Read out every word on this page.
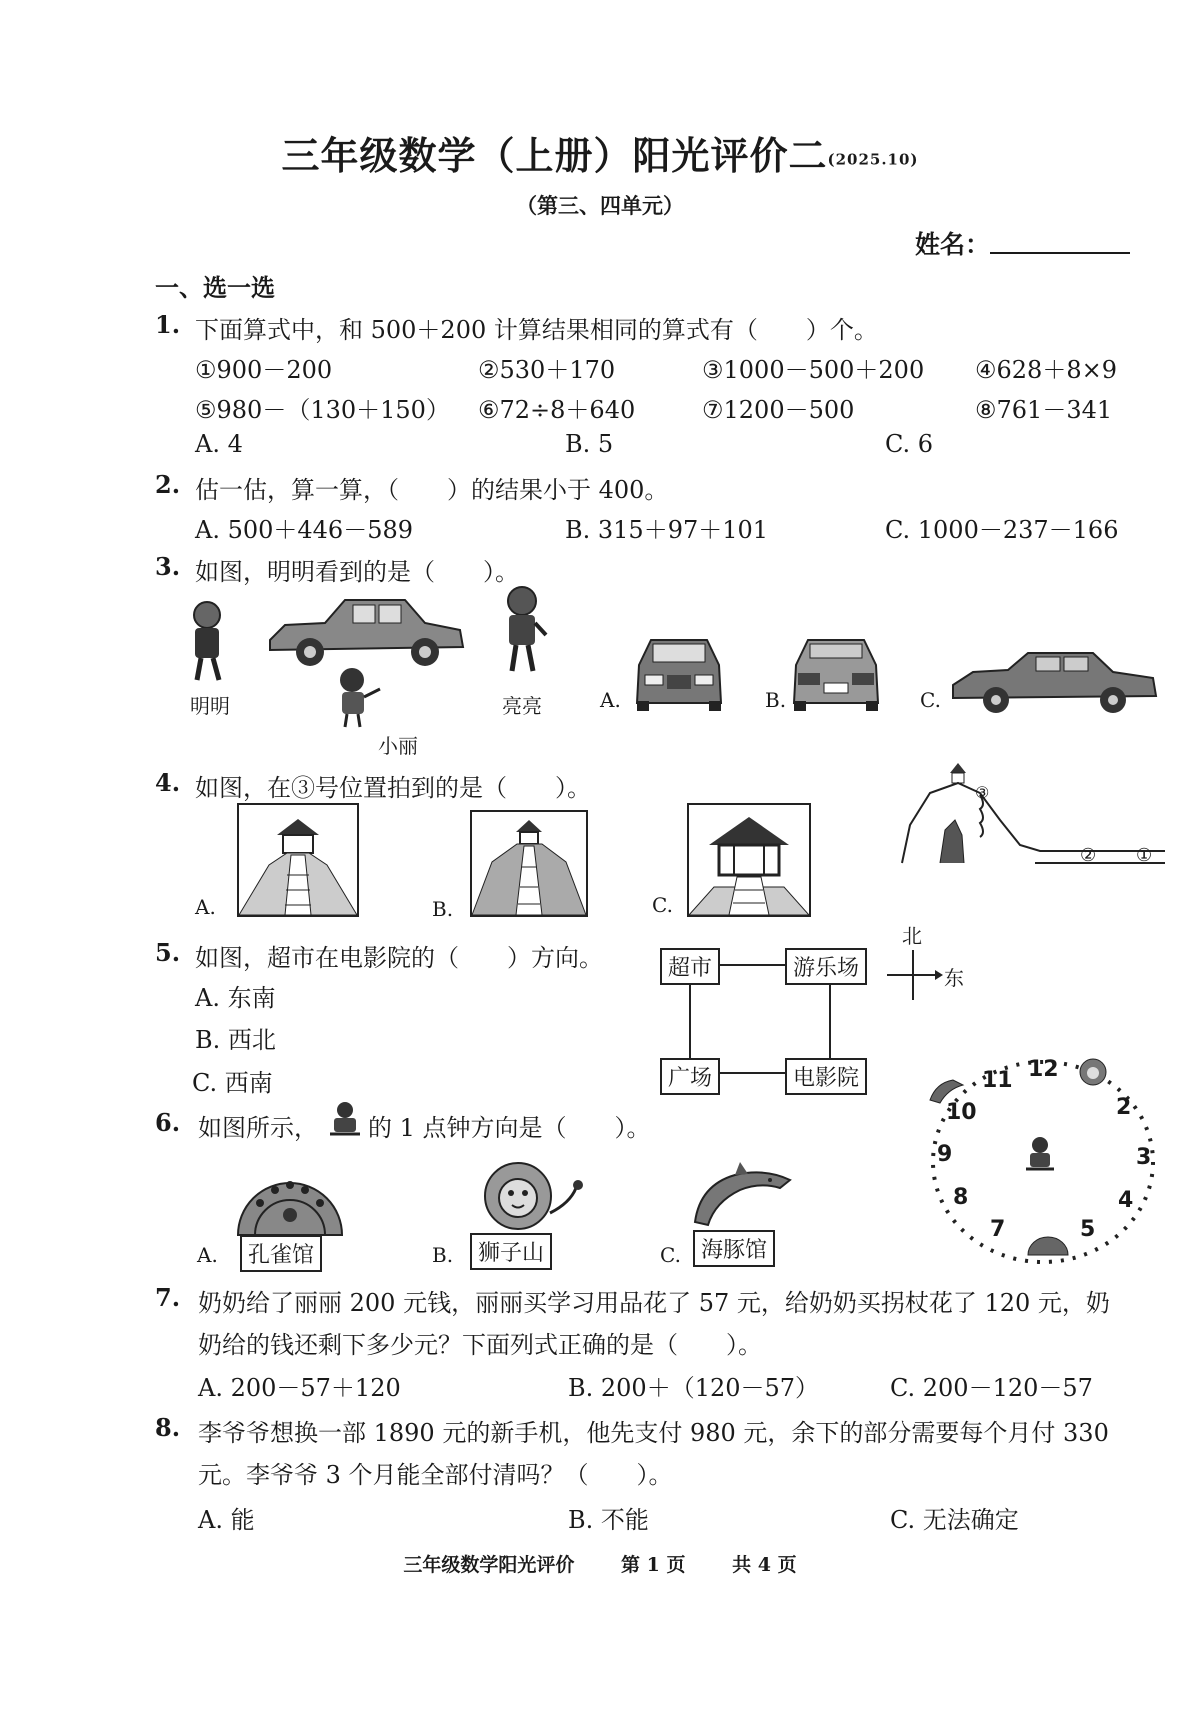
三年级数学（上册）阳光评价二(2025.10)
（第三、四单元）
姓名：
一、选一选
1. 下面算式中，和 500＋200 计算结果相同的算式有（　　）个。
①900－200	②530＋170	③1000－500＋200 ④628＋8×9
⑤980－（130＋150） ⑥72÷8＋640	⑦1200－500	⑧761－341
A. 4	B. 5	C. 6
2. 估一估，算一算，（　　）的结果小于 400。
A. 500＋446－589	B. 315＋97＋101	C. 1000－237－166
3. 如图，明明看到的是（　　）。
明明
小丽
亮亮	A.	B.	C.
4. 如图，在③号位置拍到的是（　　）。
A.	B.	C.
③
② ①
5. 如图，超市在电影院的（　　）方向。
A. 东南
B. 西北
C. 西南
超市	游乐场
广场	电影院
北
东
6. 如图所示， 的 1 点钟方向是（　　）。
A.	孔雀馆	B.	狮子山	C. 海豚馆
12
2
3
4
5
7
8
9
10
11
7. 奶奶给了丽丽 200 元钱，丽丽买学习用品花了 57 元，给奶奶买拐杖花了 120 元，奶
奶给的钱还剩下多少元？下面列式正确的是（　　）。
A. 200－57＋120	B. 200＋（120－57）	C. 200－120－57
8. 李爷爷想换一部 1890 元的新手机，他先支付 980 元，余下的部分需要每个月付 330
元。李爷爷 3 个月能全部付清吗？（　　）。
A. 能	B. 不能	C. 无法确定
三年级数学阳光评价 第 1 页 共 4 页
